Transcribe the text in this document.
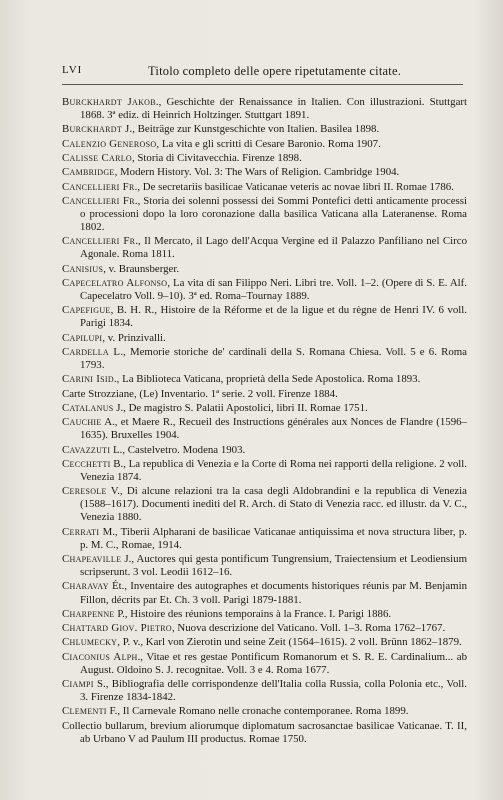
LVI	Titolo completo delle opere ripetutamente citate.

Burckhardt Jakob., Geschichte der Renaissance in Italien. Con illustrazioni. Stuttgart 1868. 3ª ediz. di Heinrich Holtzinger. Stuttgart 1891.

Burckhardt J., Beiträge zur Kunstgeschichte von Italien. Basilea 1898.

Calenzio Generoso, La vita e gli scritti di Cesare Baronio. Roma 1907.

Calisse Carlo, Storia di Civitavecchia. Firenze 1898.

Cambridge, Modern History. Vol. 3: The Wars of Religion. Cambridge 1904.

Cancellieri Fr., De secretariis basilicae Vaticanae veteris ac novae libri II. Romae 1786.

Cancellieri Fr., Storia dei solenni possessi dei Sommi Pontefici detti anticamente processi o processioni dopo la loro coronazione dalla basilica Vaticana alla Lateranense. Roma 1802.

Cancellieri Fr., Il Mercato, il Lago dell'Acqua Vergine ed il Palazzo Panfiliano nel Circo Agonale. Roma 1811.

Canisius, v. Braunsberger.

Capecelatro Alfonso, La vita di san Filippo Neri. Libri tre. Voll. 1–2. (Opere di S. E. Alf. Capecelatro Voll. 9–10). 3ª ed. Roma–Tournay 1889.

Capefigue, B. H. R., Histoire de la Réforme et de la ligue et du règne de Henri IV. 6 voll. Parigi 1834.

Capilupi, v. Prinzivalli.

Cardella L., Memorie storiche de' cardinali della S. Romana Chiesa. Voll. 5 e 6. Roma 1793.

Carini Isid., La Biblioteca Vaticana, proprietà della Sede Apostolica. Roma 1893.

Carte Strozziane, (Le) Inventario. 1ª serie. 2 voll. Firenze 1884.

Catalanus J., De magistro S. Palatii Apostolici, libri II. Romae 1751.

Cauchie A., et Maere R., Recueil des Instructions générales aux Nonces de Flandre (1596–1635). Bruxelles 1904.

Cavazzuti L., Castelvetro. Modena 1903.

Cecchetti B., La republica di Venezia e la Corte di Roma nei rapporti della religione. 2 voll. Venezia 1874.

Ceresole V., Di alcune relazioni tra la casa degli Aldobrandini e la republica di Venezia (1588–1617). Documenti inediti del R. Arch. di Stato di Venezia racc. ed illustr. da V. C., Venezia 1880.

Cerrati M., Tiberii Alpharani de basilicae Vaticanae antiquissima et nova structura liber, p. p. M. C., Romae, 1914.

Chapeaville J., Auctores qui gesta pontificum Tungrensium, Traiectensium et Leodiensium scripserunt. 3 vol. Leodii 1612–16.

Charavay Ét., Inventaire des autographes et documents historiques réunis par M. Benjamin Fillon, décrits par Et. Ch. 3 voll. Parigi 1879-1881.

Charpenne P., Histoire des réunions temporains à la France. I. Parigi 1886.

Chattard Giov. Pietro, Nuova descrizione del Vaticano. Voll. 1–3. Roma 1762–1767.

Chlumecky, P. v., Karl von Zierotin und seine Zeit (1564–1615). 2 voll. Brünn 1862–1879.

Ciaconius Alph., Vitae et res gestae Pontificum Romanorum et S. R. E. Cardinalium... ab August. Oldoino S. J. recognitae. Voll. 3 e 4. Roma 1677.

Ciampi S., Bibliografia delle corrispondenze dell'Italia colla Russia, colla Polonia etc., Voll. 3. Firenze 1834-1842.

Clementi F., Il Carnevale Romano nelle cronache contemporanee. Roma 1899.

Collectio bullarum, brevium aliorumque diplomatum sacrosanctae basilicae Vaticanae. T. II, ab Urbano V ad Paulum III productus. Romae 1750.
